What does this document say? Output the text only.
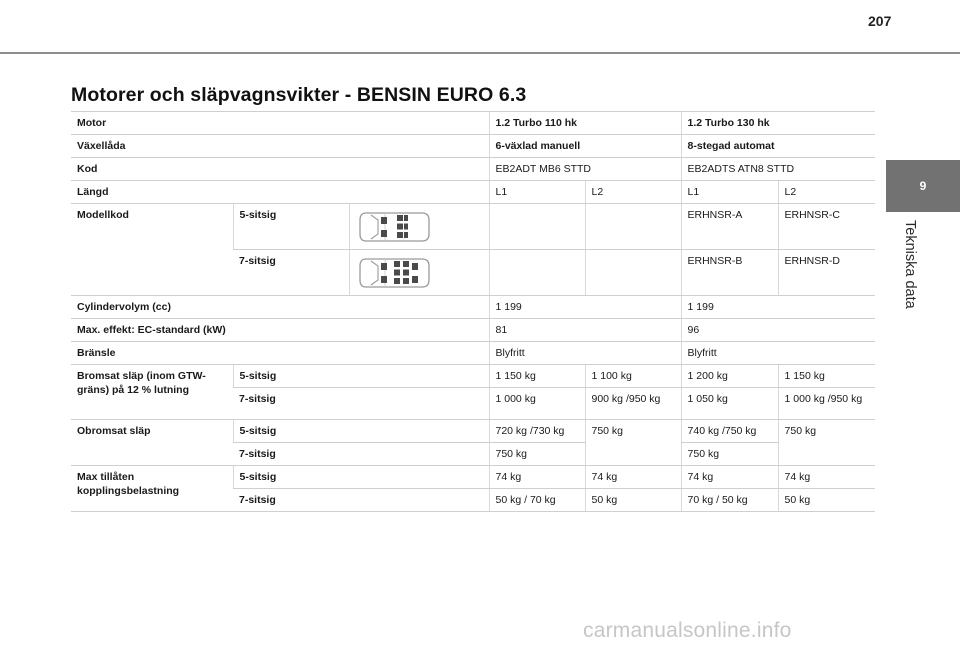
207
Motorer och släpvagnsvikter - BENSIN EURO 6.3
9
Tekniska data
Motor			1.2 Turbo 110 hk		1.2 Turbo 130 hk	
Växellåda			6-växlad manuell		8-stegad automat	
Kod			EB2ADT MB6 STTD		EB2ADTS ATN8 STTD	
Längd			L1	L2	L1	L2
Modellkod	5-sitsig				ERHNSR-A	ERHNSR-C
	7-sitsig				ERHNSR-B	ERHNSR-D
Cylindervolym (cc)			1 199		1 199	
Max. effekt: EC-standard (kW)			81		96	
Bränsle			Blyfritt		Blyfritt	
Bromsat släp (inom GTW-gräns) på 12 % lutning	5-sitsig		1 150 kg	1 100 kg	1 200 kg	1 150 kg
	7-sitsig		1 000 kg	900 kg /950 kg	1 050 kg	1 000 kg /950 kg
Obromsat släp	5-sitsig		720 kg /730 kg	750 kg	740 kg /750 kg	750 kg
	7-sitsig		750 kg		750 kg	
Max tillåten kopplingsbelastning	5-sitsig		74 kg	74 kg	74 kg	74 kg
	7-sitsig		50 kg / 70 kg	50 kg	70 kg / 50 kg	50 kg
carmanualsonline.info
